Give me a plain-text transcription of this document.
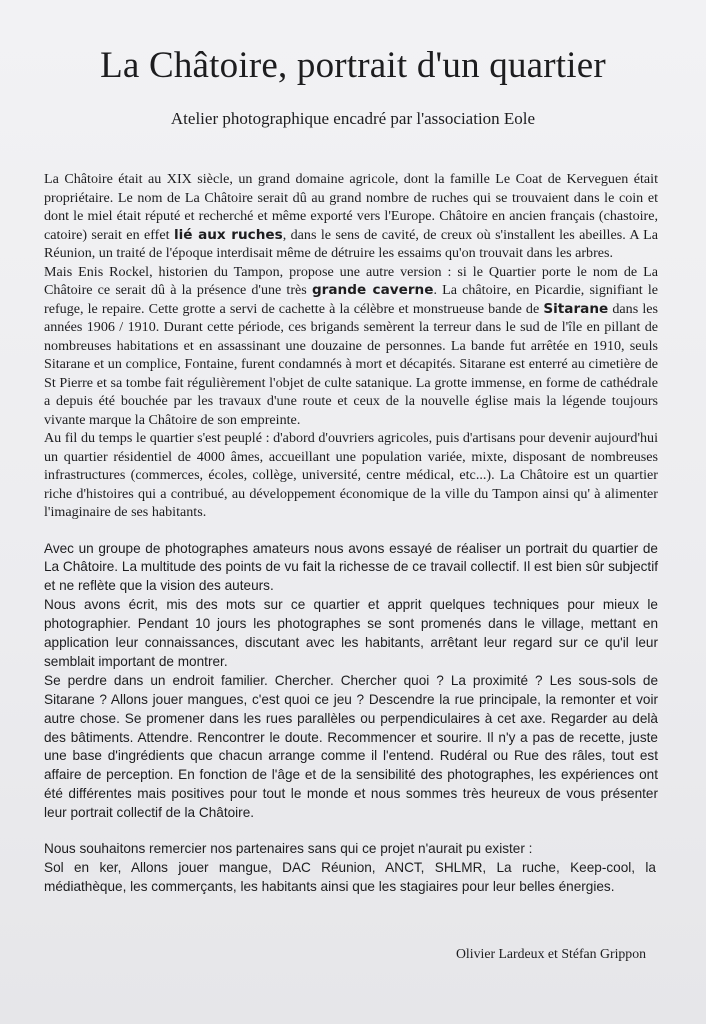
La Châtoire, portrait d'un quartier
Atelier photographique encadré par l'association Eole

La Châtoire était au XIX siècle, un grand domaine agricole, dont la famille Le Coat de Kerveguen était propriétaire. Le nom de La Châtoire serait dû au grand nombre de ruches qui se trouvaient dans le coin et dont le miel était réputé et recherché et même exporté vers l'Europe. Châtoire en ancien français (chastoire, catoire) serait en effet lié aux ruches, dans le sens de cavité, de creux où s'installent les abeilles. A La Réunion, un traité de l'époque interdisait même de détruire les essaims qu'on trouvait dans les arbres.

Mais Enis Rockel, historien du Tampon, propose une autre version : si le Quartier porte le nom de La Châtoire ce serait dû à la présence d'une très grande caverne. La châtoire, en Picardie, signifiant le refuge, le repaire. Cette grotte a servi de cachette à la célèbre et monstrueuse bande de Sitarane dans les années 1906 / 1910. Durant cette période, ces brigands semèrent la terreur dans le sud de l'île en pillant de nombreuses habitations et en assassinant une douzaine de personnes. La bande fut arrêtée en 1910, seuls Sitarane et un complice, Fontaine, furent condamnés à mort et décapités. Sitarane est enterré au cimetière de St Pierre et sa tombe fait régulièrement l'objet de culte satanique. La grotte immense, en forme de cathédrale a depuis été bouchée par les travaux d'une route et ceux de la nouvelle église mais la légende toujours vivante marque la Châtoire de son empreinte.

Au fil du temps le quartier s'est peuplé : d'abord d'ouvriers agricoles, puis d'artisans pour devenir aujourd'hui un quartier résidentiel de 4000 âmes, accueillant une population variée, mixte, disposant de nombreuses infrastructures (commerces, écoles, collège, université, centre médical, etc...). La Châtoire est un quartier riche d'histoires qui a contribué, au développement économique de la ville du Tampon ainsi qu' à alimenter l'imaginaire de ses habitants.

Avec un groupe de photographes amateurs nous avons essayé de réaliser un portrait du quartier de La Châtoire. La multitude des points de vu fait la richesse de ce travail collectif. Il est bien sûr subjectif et ne reflète que la vision des auteurs.

Nous avons écrit, mis des mots sur ce quartier et apprit quelques techniques pour mieux le photographier. Pendant 10 jours les photographes se sont promenés dans le village, mettant en application leur connaissances, discutant avec les habitants, arrêtant leur regard sur ce qu'il leur semblait important de montrer.

Se perdre dans un endroit familier. Chercher. Chercher quoi ? La proximité ? Les sous-sols de Sitarane ? Allons jouer mangues, c'est quoi ce jeu ? Descendre la rue principale, la remonter et voir autre chose. Se promener dans les rues parallèles ou perpendiculaires à cet axe. Regarder au delà des bâtiments. Attendre. Rencontrer le doute. Recommencer et sourire. Il n'y a pas de recette, juste une base d'ingrédients que chacun arrange comme il l'entend. Rudéral ou Rue des râles, tout est affaire de perception. En fonction de l'âge et de la sensibilité des photographes, les expériences ont été différentes mais positives pour tout le monde et nous sommes très heureux de vous présenter leur portrait collectif de la Châtoire.

Nous souhaitons remercier nos partenaires sans qui ce projet n'aurait pu exister :

Sol en ker, Allons jouer mangue, DAC Réunion, ANCT, SHLMR, La ruche, Keep-cool, la médiathèque, les commerçants, les habitants ainsi que les stagiaires pour leur belles énergies.

Olivier Lardeux et Stéfan Grippon
